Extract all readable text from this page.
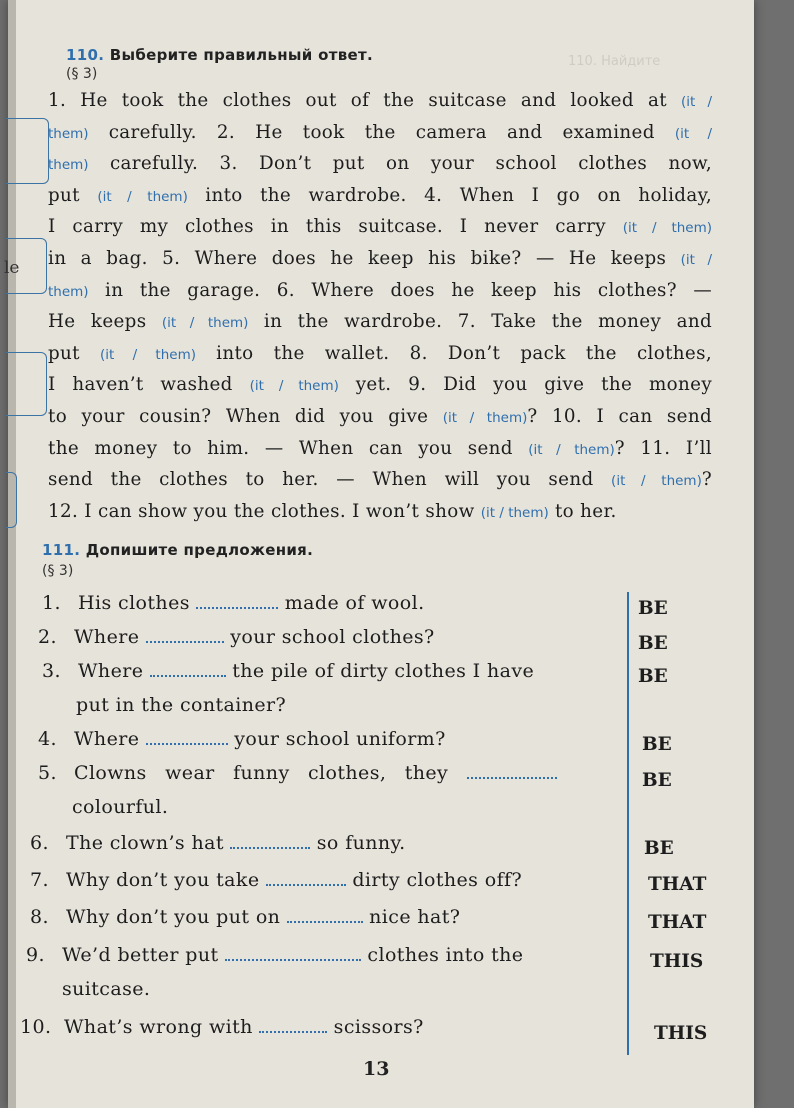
le
110. Выберите правильный ответ.
(§ 3)
1. He took the clothes out of the suitcase and looked at (it /
them) carefully. 2. He took the camera and examined (it /
them) carefully. 3. Don’t put on your school clothes now,
put (it / them) into the wardrobe. 4. When I go on holiday,
I carry my clothes in this suitcase. I never carry (it / them)
in a bag. 5. Where does he keep his bike? — He keeps (it /
them) in the garage. 6. Where does he keep his clothes? —
He keeps (it / them) in the wardrobe. 7. Take the money and
put (it / them) into the wallet. 8. Don’t pack the clothes,
I haven’t washed (it / them) yet. 9. Did you give the money
to your cousin? When did you give (it / them)? 10. I can send
the money to him. — When can you send (it / them)? 11. I’ll
send the clothes to her. — When will you send (it / them)?
12. I can show you the clothes. I won’t show (it / them) to her.
111. Допишите предложения.
(§ 3)
1. His clothes	made of wool.	BE
2. Where	your school clothes?	BE
3. Where	the pile of dirty clothes I have
put in the container?
BE
4. Where	your school uniform?	BE
5. Clowns wear funny clothes, they
colourful.
BE
6. The clown’s hat	so funny.	BE
7. Why don’t you take	dirty clothes off?	THAT
8. Why don’t you put on	nice hat?	THAT
9. We’d better put	clothes into the
suitcase.
THIS
10. What’s wrong with	scissors?	THIS
110. Найдите
13
